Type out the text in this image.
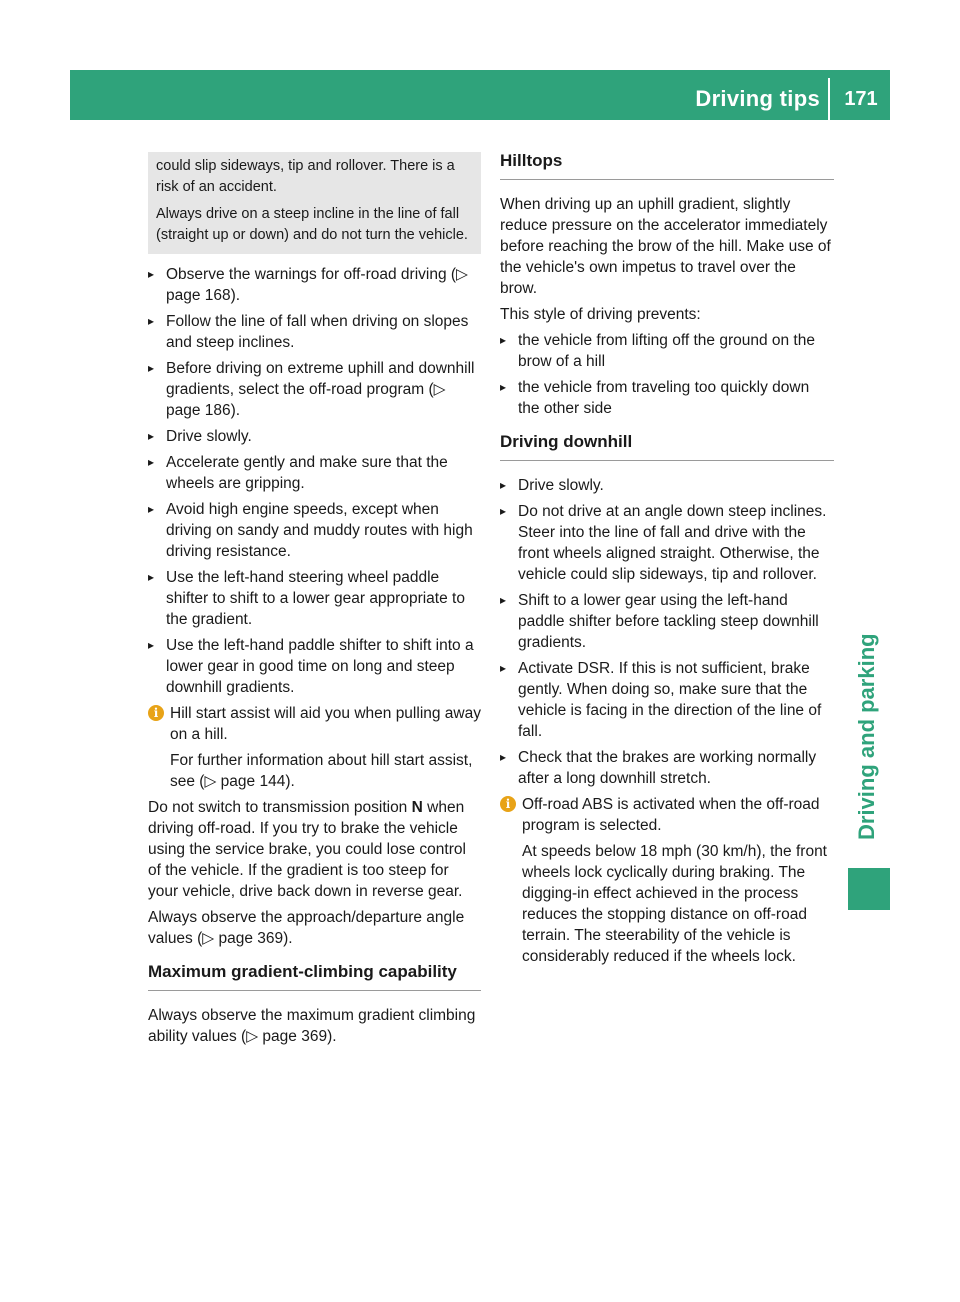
Driving tips	171
Driving and parking

could slip sideways, tip and rollover. There is a risk of an accident.

Always drive on a steep incline in the line of fall (straight up or down) and do not turn the vehicle.

▸ Observe the warnings for off-road driving (▷ page 168).
▸ Follow the line of fall when driving on slopes and steep inclines.
▸ Before driving on extreme uphill and downhill gradients, select the off-road program (▷ page 186).
▸ Drive slowly.
▸ Accelerate gently and make sure that the wheels are gripping.
▸ Avoid high engine speeds, except when driving on sandy and muddy routes with high driving resistance.
▸ Use the left-hand steering wheel paddle shifter to shift to a lower gear appropriate to the gradient.
▸ Use the left-hand paddle shifter to shift into a lower gear in good time on long and steep downhill gradients.
i Hill start assist will aid you when pulling away on a hill.

For further information about hill start assist, see (▷ page 144).

Do not switch to transmission position N when driving off-road. If you try to brake the vehicle using the service brake, you could lose control of the vehicle. If the gradient is too steep for your vehicle, drive back down in reverse gear.

Always observe the approach/departure angle values (▷ page 369).

Maximum gradient-climbing capability

Always observe the maximum gradient climbing ability values (▷ page 369).

Hilltops

When driving up an uphill gradient, slightly reduce pressure on the accelerator immediately before reaching the brow of the hill. Make use of the vehicle's own impetus to travel over the brow.

This style of driving prevents:

▸ the vehicle from lifting off the ground on the brow of a hill
▸ the vehicle from traveling too quickly down the other side
Driving downhill
▸ Drive slowly.
▸ Do not drive at an angle down steep inclines. Steer into the line of fall and drive with the front wheels aligned straight. Otherwise, the vehicle could slip sideways, tip and rollover.
▸ Shift to a lower gear using the left-hand paddle shifter before tackling steep downhill gradients.
▸ Activate DSR. If this is not sufficient, brake gently. When doing so, make sure that the vehicle is facing in the direction of the line of fall.
▸ Check that the brakes are working normally after a long downhill stretch.
i Off-road ABS is activated when the off-road program is selected.

At speeds below 18 mph (30 km/h), the front wheels lock cyclically during braking. The digging-in effect achieved in the process reduces the stopping distance on off-road terrain. The steerability of the vehicle is considerably reduced if the wheels lock.
